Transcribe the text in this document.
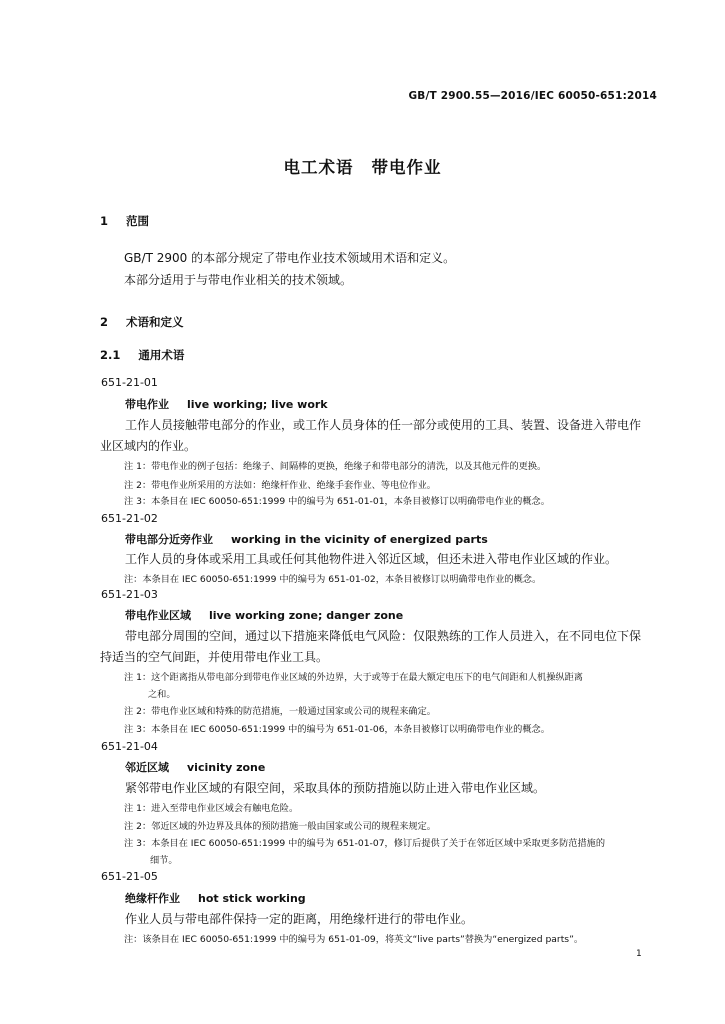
GB/T 2900.55—2016/IEC 60050-651:2014
电工术语 带电作业
1 范围
GB/T 2900 的本部分规定了带电作业技术领域用术语和定义。
本部分适用于与带电作业相关的技术领域。
2 术语和定义
2.1 通用术语
651-21-01
带电作业 live working; live work
工作人员接触带电部分的作业，或工作人员身体的任一部分或使用的工具、装置、设备进入带电作
业区域内的作业。
注 1：带电作业的例子包括：绝缘子、间隔棒的更换，绝缘子和带电部分的清洗，以及其他元件的更换。
注 2：带电作业所采用的方法如：绝缘杆作业、绝缘手套作业、等电位作业。
注 3：本条目在 IEC 60050-651:1999 中的编号为 651-01-01，本条目被修订以明确带电作业的概念。
651-21-02
带电部分近旁作业 working in the vicinity of energized parts
工作人员的身体或采用工具或任何其他物件进入邻近区域，但还未进入带电作业区域的作业。
注：本条目在 IEC 60050-651:1999 中的编号为 651-01-02，本条目被修订以明确带电作业的概念。
651-21-03
带电作业区域 live working zone; danger zone
带电部分周围的空间，通过以下措施来降低电气风险：仅限熟练的工作人员进入，在不同电位下保
持适当的空气间距，并使用带电作业工具。
注 1：这个距离指从带电部分到带电作业区域的外边界，大于或等于在最大额定电压下的电气间距和人机操纵距离
之和。
注 2：带电作业区域和特殊的防范措施，一般通过国家或公司的规程来确定。
注 3：本条目在 IEC 60050-651:1999 中的编号为 651-01-06，本条目被修订以明确带电作业的概念。
651-21-04
邻近区域 vicinity zone
紧邻带电作业区域的有限空间，采取具体的预防措施以防止进入带电作业区域。
注 1：进入至带电作业区域会有触电危险。
注 2：邻近区域的外边界及具体的预防措施一般由国家或公司的规程来规定。
注 3：本条目在 IEC 60050-651:1999 中的编号为 651-01-07，修订后提供了关于在邻近区域中采取更多防范措施的
细节。
651-21-05
绝缘杆作业 hot stick working
作业人员与带电部件保持一定的距离，用绝缘杆进行的带电作业。
注：该条目在 IEC 60050-651:1999 中的编号为 651-01-09，将英文“live parts”替换为“energized parts”。
1
